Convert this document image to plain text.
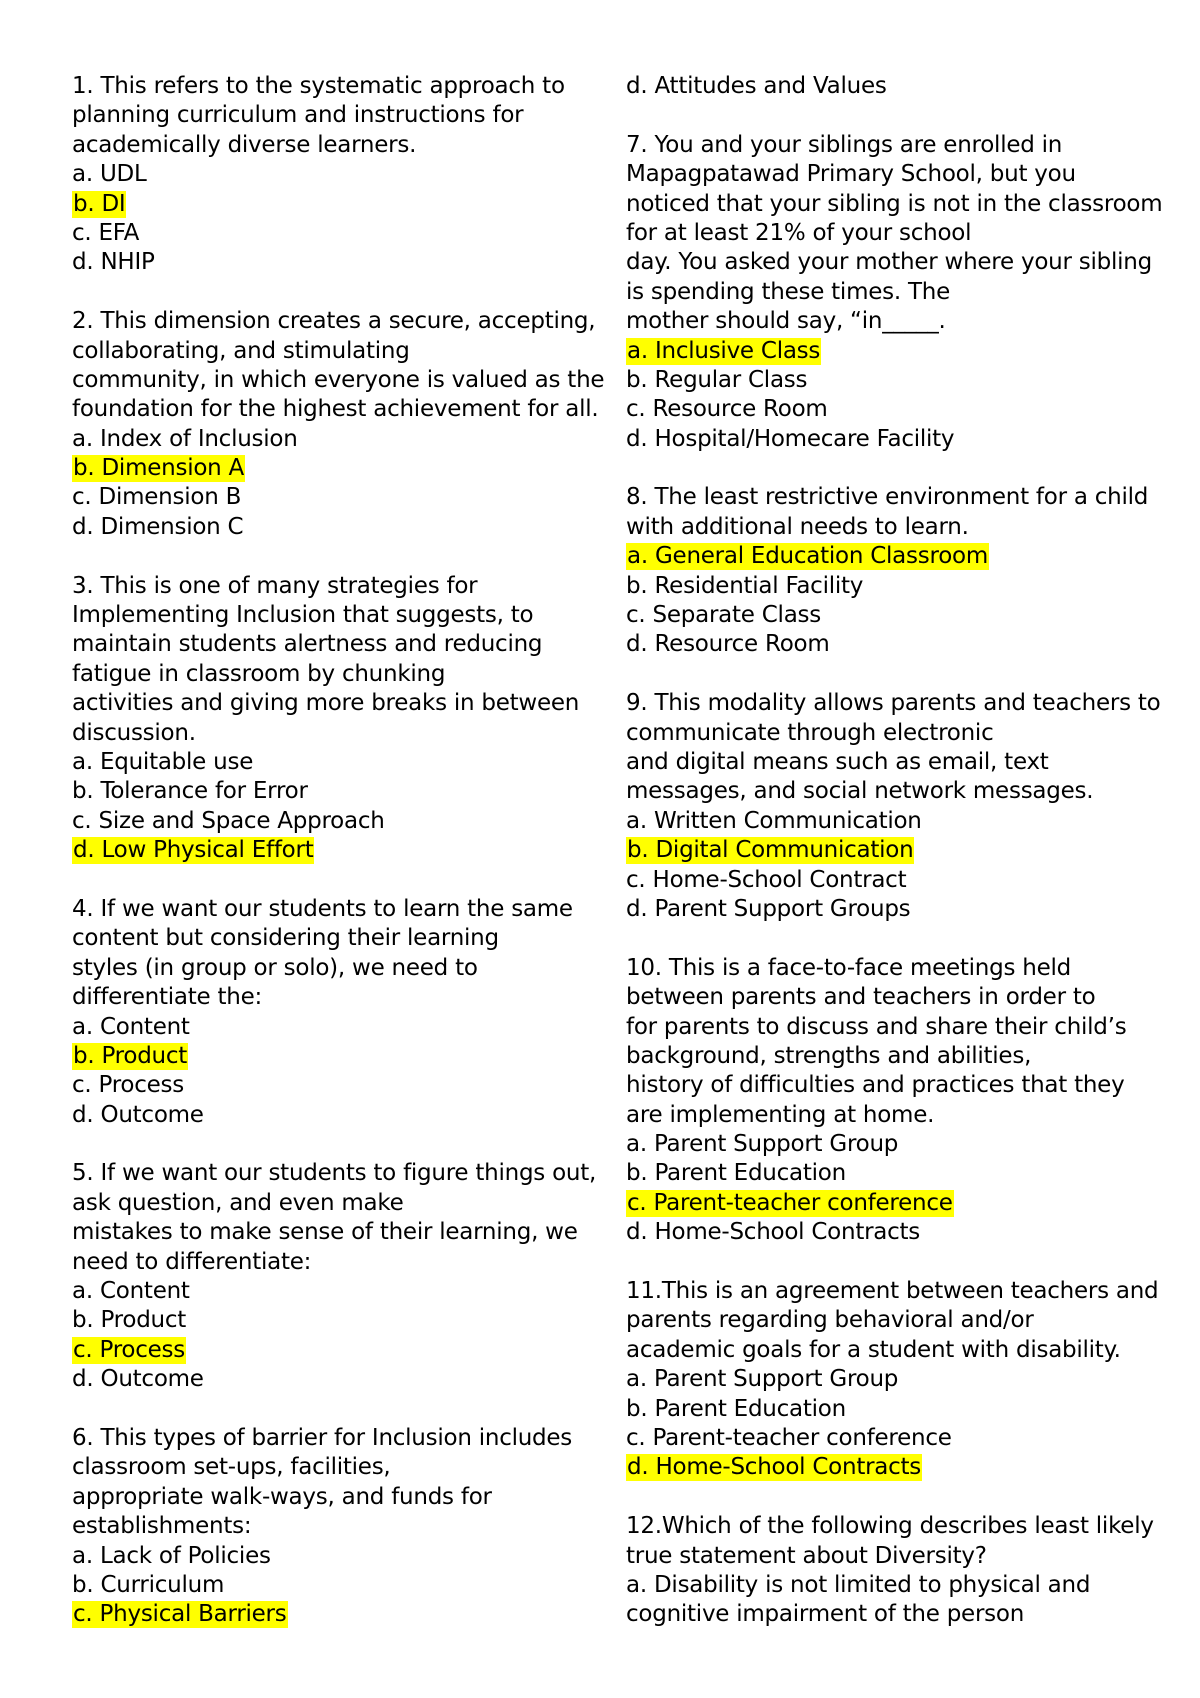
1. This refers to the systematic approach to
planning curriculum and instructions for
academically diverse learners.
a. UDL
b. DI
c. EFA
d. NHIP
2. This dimension creates a secure, accepting,
collaborating, and stimulating
community, in which everyone is valued as the
foundation for the highest achievement for all.
a. Index of Inclusion
b. Dimension A
c. Dimension B
d. Dimension C
3. This is one of many strategies for
Implementing Inclusion that suggests, to
maintain students alertness and reducing
fatigue in classroom by chunking
activities and giving more breaks in between
discussion.
a. Equitable use
b. Tolerance for Error
c. Size and Space Approach
d. Low Physical Effort
4. If we want our students to learn the same
content but considering their learning
styles (in group or solo), we need to
differentiate the:
a. Content
b. Product
c. Process
d. Outcome
5. If we want our students to figure things out,
ask question, and even make
mistakes to make sense of their learning, we
need to differentiate:
a. Content
b. Product
c. Process
d. Outcome
6. This types of barrier for Inclusion includes
classroom set-ups, facilities,
appropriate walk-ways, and funds for
establishments:
a. Lack of Policies
b. Curriculum
c. Physical Barriers
d. Attitudes and Values
7. You and your siblings are enrolled in
Mapagpatawad Primary School, but you
noticed that your sibling is not in the classroom
for at least 21% of your school
day. You asked your mother where your sibling
is spending these times. The
mother should say, “in_____.
a. Inclusive Class
b. Regular Class
c. Resource Room
d. Hospital/Homecare Facility
8. The least restrictive environment for a child
with additional needs to learn.
a. General Education Classroom
b. Residential Facility
c. Separate Class
d. Resource Room
9. This modality allows parents and teachers to
communicate through electronic
and digital means such as email, text
messages, and social network messages.
a. Written Communication
b. Digital Communication
c. Home-School Contract
d. Parent Support Groups
10. This is a face-to-face meetings held
between parents and teachers in order to
for parents to discuss and share their child’s
background, strengths and abilities,
history of difficulties and practices that they
are implementing at home.
a. Parent Support Group
b. Parent Education
c. Parent-teacher conference
d. Home-School Contracts
11.This is an agreement between teachers and
parents regarding behavioral and/or
academic goals for a student with disability.
a. Parent Support Group
b. Parent Education
c. Parent-teacher conference
d. Home-School Contracts
12.Which of the following describes least likely
true statement about Diversity?
a. Disability is not limited to physical and
cognitive impairment of the person
